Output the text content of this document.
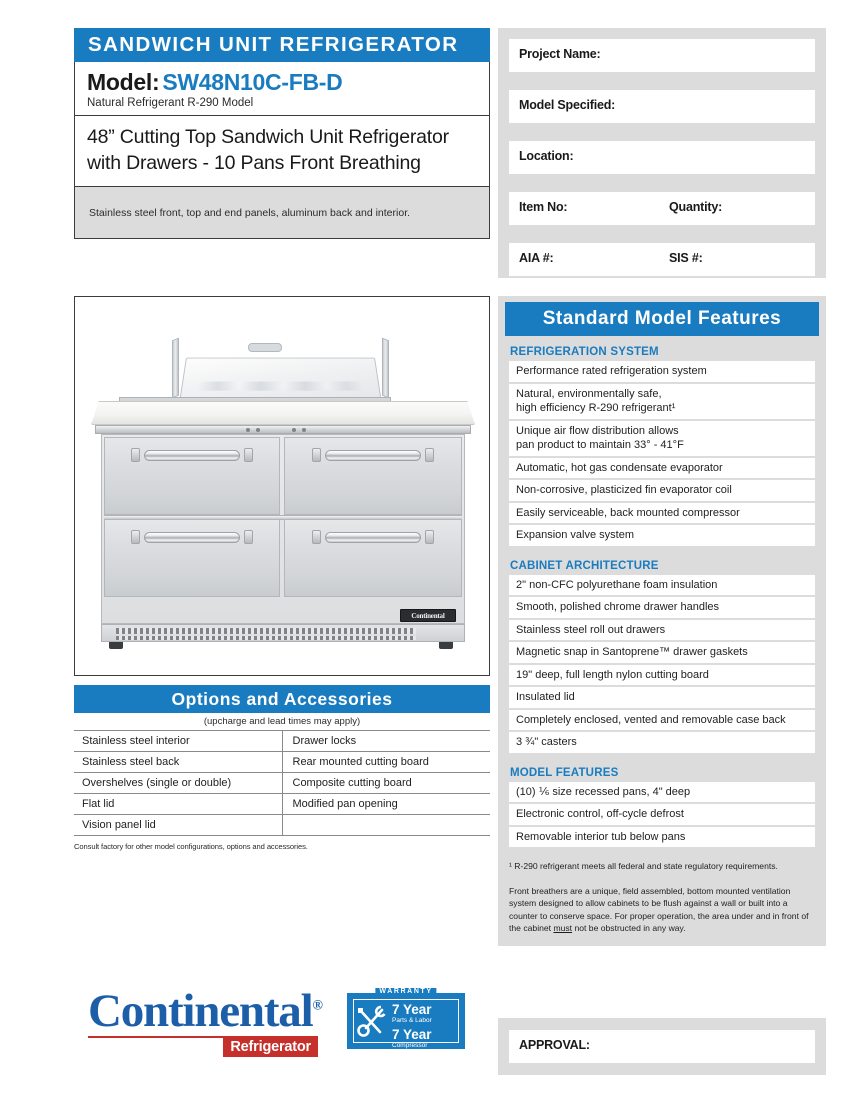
SANDWICH UNIT REFRIGERATOR
Model: SW48N10C-FB-D
Natural Refrigerant R-290 Model
48” Cutting Top Sandwich Unit Refrigerator with Drawers - 10 Pans Front Breathing
Stainless steel front, top and end panels, aluminum back and interior.
Continental
Options and Accessories
(upcharge and lead times may apply)
Stainless steel interior	Drawer locks
Stainless steel back	Rear mounted cutting board
Overshelves (single or double)	Composite cutting board
Flat lid	Modified pan opening
Vision panel lid	
Consult factory for other model configurations, options and accessories.
Continental®
Refrigerator
WARRANTY
7 Year
Parts & Labor
7 Year
Compressor
Project Name:
Model Specified:
Location:
Item No:	Quantity:
AIA #:	SIS #:
Standard Model Features
REFRIGERATION SYSTEM
Performance rated refrigeration system
Natural, environmentally safe,
high efficiency R-290 refrigerant¹
Unique air flow distribution allows
pan product to maintain 33° - 41°F
Automatic, hot gas condensate evaporator
Non-corrosive, plasticized fin evaporator coil
Easily serviceable, back mounted compressor
Expansion valve system
CABINET ARCHITECTURE
2" non-CFC polyurethane foam insulation
Smooth, polished chrome drawer handles
Stainless steel roll out drawers
Magnetic snap in Santoprene™ drawer gaskets
19" deep, full length nylon cutting board
Insulated lid
Completely enclosed, vented and removable case back
3 ¾" casters
MODEL FEATURES
(10) ⅙ size recessed pans, 4" deep
Electronic control, off-cycle defrost
Removable interior tub below pans
¹ R-290 refrigerant meets all federal and state regulatory requirements.
Front breathers are a unique, field assembled, bottom mounted ventilation system designed to allow cabinets to be flush against a wall or built into a counter to conserve space. For proper operation, the area under and in front of the cabinet must not be obstructed in any way.
APPROVAL:
